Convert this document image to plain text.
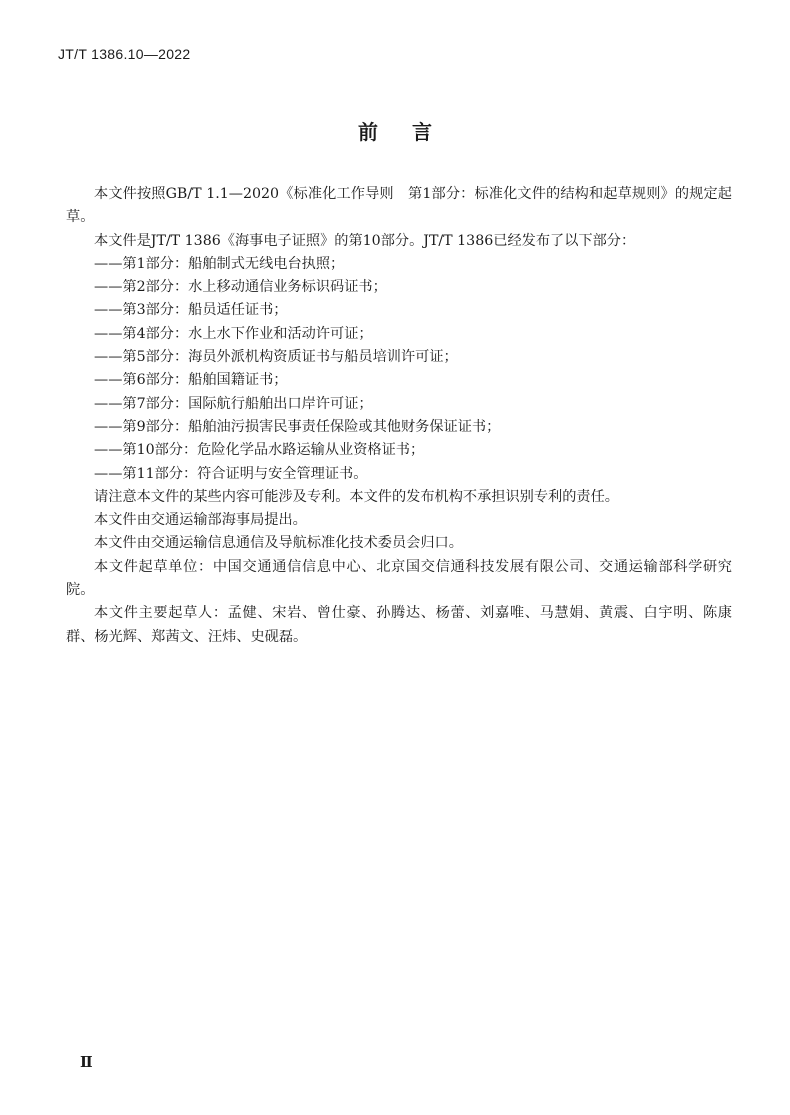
JT/T 1386.10—2022
前言

本文件按照GB/T 1.1—2020《标准化工作导则　第1部分：标准化文件的结构和起草规则》的规定起草。

本文件是JT/T 1386《海事电子证照》的第10部分。JT/T 1386已经发布了以下部分：

——第1部分：船舶制式无线电台执照；

——第2部分：水上移动通信业务标识码证书；

——第3部分：船员适任证书；

——第4部分：水上水下作业和活动许可证；

——第5部分：海员外派机构资质证书与船员培训许可证；

——第6部分：船舶国籍证书；

——第7部分：国际航行船舶出口岸许可证；

——第9部分：船舶油污损害民事责任保险或其他财务保证证书；

——第10部分：危险化学品水路运输从业资格证书；

——第11部分：符合证明与安全管理证书。

请注意本文件的某些内容可能涉及专利。本文件的发布机构不承担识别专利的责任。

本文件由交通运输部海事局提出。

本文件由交通运输信息通信及导航标准化技术委员会归口。

本文件起草单位：中国交通通信信息中心、北京国交信通科技发展有限公司、交通运输部科学研究院。

本文件主要起草人：孟健、宋岩、曾仕豪、孙腾达、杨蕾、刘嘉唯、马慧娟、黄震、白宇明、陈康群、杨光辉、郑茜文、汪炜、史砚磊。

Ⅱ
